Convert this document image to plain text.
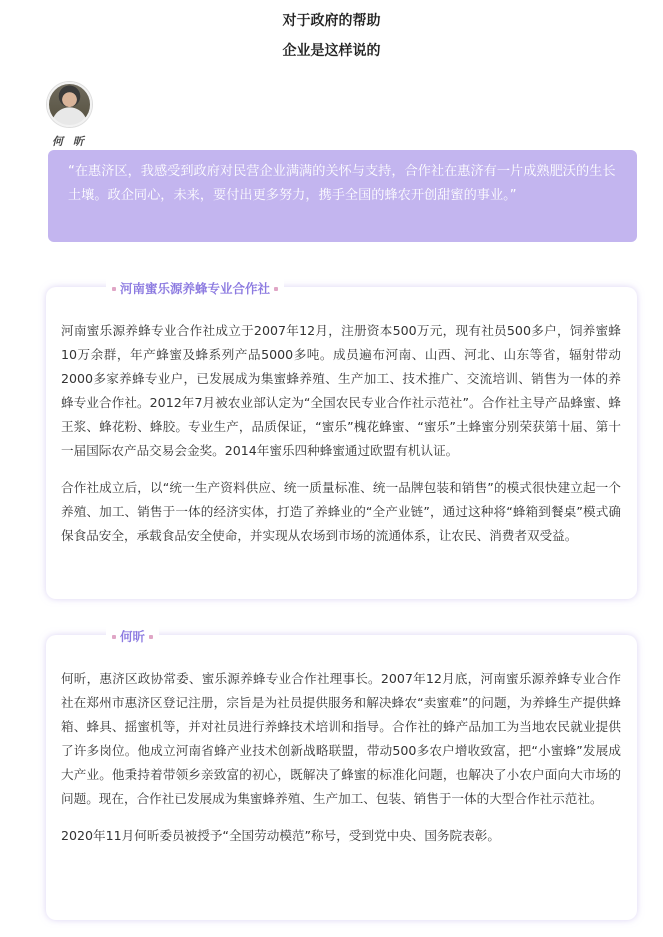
对于政府的帮助
企业是这样说的
何 昕
“在惠济区，我感受到政府对民营企业满满的关怀与支持，合作社在惠济有一片成熟肥沃的生长土壤。政企同心，未来，要付出更多努力，携手全国的蜂农开创甜蜜的事业。”
河南蜜乐源养蜂专业合作社

河南蜜乐源养蜂专业合作社成立于2007年12月，注册资本500万元，现有社员500多户，饲养蜜蜂10万余群，年产蜂蜜及蜂系列产品5000多吨。成员遍布河南、山西、河北、山东等省，辐射带动2000多家养蜂专业户，已发展成为集蜜蜂养殖、生产加工、技术推广、交流培训、销售为一体的养蜂专业合作社。2012年7月被农业部认定为“全国农民专业合作社示范社”。合作社主导产品蜂蜜、蜂王浆、蜂花粉、蜂胶。专业生产，品质保证，“蜜乐”槐花蜂蜜、“蜜乐”土蜂蜜分别荣获第十届、第十一届国际农产品交易会金奖。2014年蜜乐四种蜂蜜通过欧盟有机认证。

合作社成立后，以“统一生产资料供应、统一质量标准、统一品牌包装和销售”的模式很快建立起一个养殖、加工、销售于一体的经济实体，打造了养蜂业的“全产业链”，通过这种将“蜂箱到餐桌”模式确保食品安全，承载食品安全使命，并实现从农场到市场的流通体系，让农民、消费者双受益。

何昕

何昕，惠济区政协常委、蜜乐源养蜂专业合作社理事长。2007年12月底，河南蜜乐源养蜂专业合作社在郑州市惠济区登记注册，宗旨是为社员提供服务和解决蜂农“卖蜜难”的问题，为养蜂生产提供蜂箱、蜂具、摇蜜机等，并对社员进行养蜂技术培训和指导。合作社的蜂产品加工为当地农民就业提供了许多岗位。他成立河南省蜂产业技术创新战略联盟，带动500多农户增收致富，把“小蜜蜂”发展成大产业。他秉持着带领乡亲致富的初心，既解决了蜂蜜的标准化问题，也解决了小农户面向大市场的问题。现在，合作社已发展成为集蜜蜂养殖、生产加工、包装、销售于一体的大型合作社示范社。

2020年11月何昕委员被授予“全国劳动模范”称号，受到党中央、国务院表彰。
